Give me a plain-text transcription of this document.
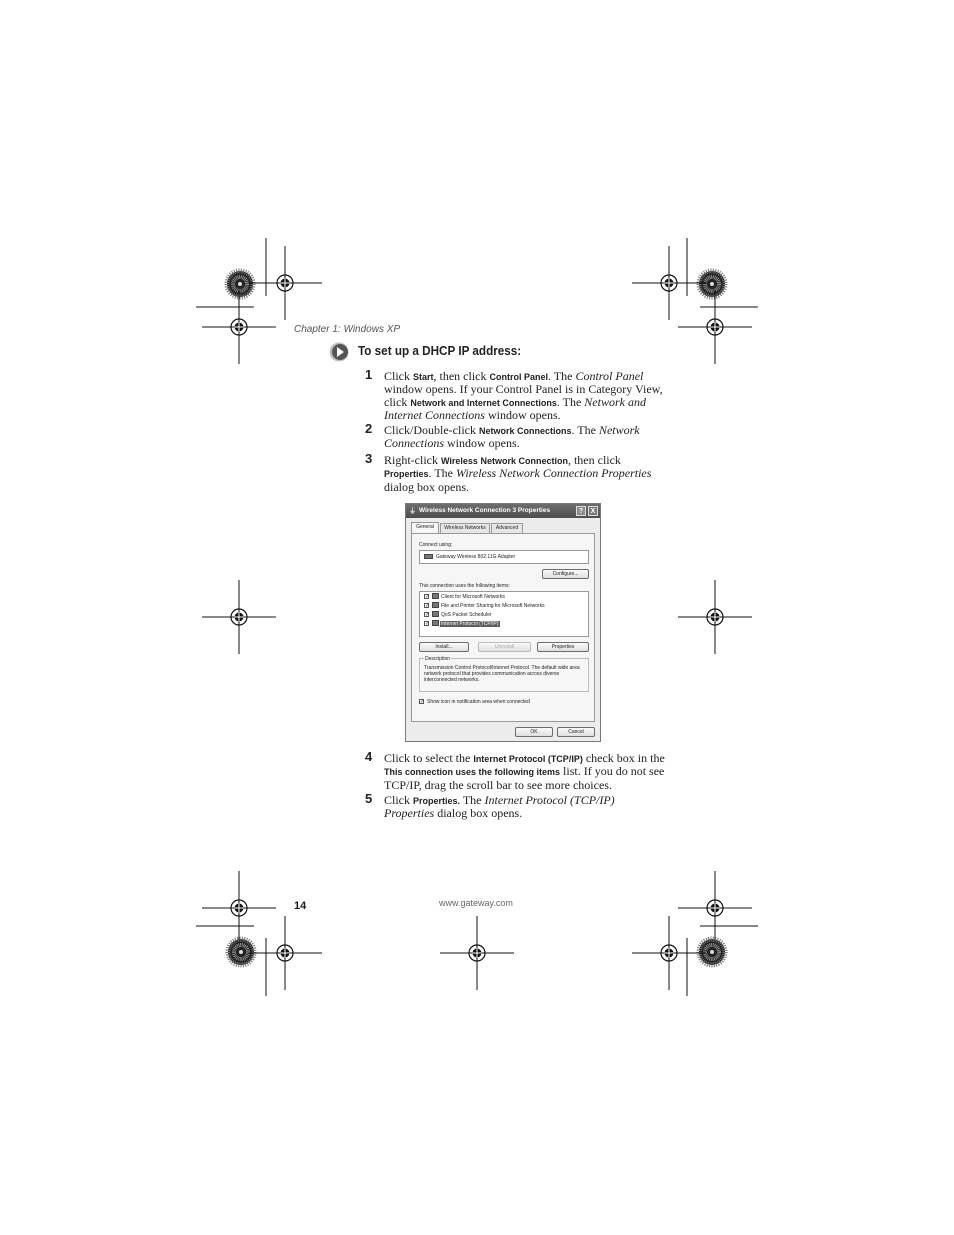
Chapter 1: Windows XP
To set up a DHCP IP address:
1 Click Start, then click Control Panel. The Control Panel window opens. If your Control Panel is in Category View, click Network and Internet Connections. The Network and Internet Connections window opens.
2 Click/Double-click Network Connections. The Network Connections window opens.
3 Right-click Wireless Network Connection, then click Properties. The Wireless Network Connection Properties dialog box opens.
⏚ Wireless Network Connection 3 Properties	?	X
General	Wireless Networks	Advanced
Connect using:
Gateway Wireless 802.11G Adapter
Configure...
This connection uses the following items:
✓ Client for Microsoft Networks
✓ File and Printer Sharing for Microsoft Networks
✓ QoS Packet Scheduler
✓ Internet Protocol (TCP/IP)
Install...	Uninstall	Properties
Description
Transmission Control Protocol/Internet Protocol. The default wide area network protocol that provides communication across diverse interconnected networks.
✓ Show icon in notification area when connected
OK	Cancel
4 Click to select the Internet Protocol (TCP/IP) check box in the This connection uses the following items list. If you do not see TCP/IP, drag the scroll bar to see more choices.
5 Click Properties. The Internet Protocol (TCP/IP) Properties dialog box opens.
14	www.gateway.com
